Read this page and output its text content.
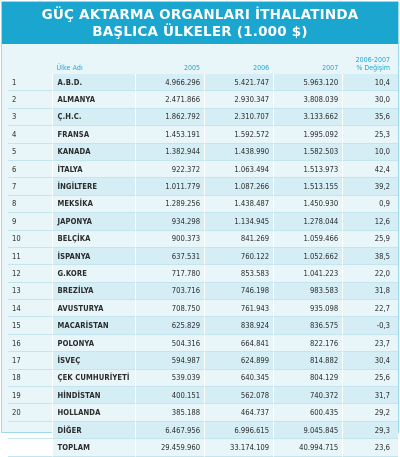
GÜÇ AKTARMA ORGANLARI İTHALATINDA
BAŞLICA ÜLKELER (1.000 $)
	Ülke Adı	2005	2006	2007	2006-2007
% Değişim

1	A.B.D.	4.966.296	5.421.747	5.963.120	10,4
2	ALMANYA	2.471.866	2.930.347	3.808.039	30,0
3	Ç.H.C.	1.862.792	2.310.707	3.133.662	35,6
4	FRANSA	1.453.191	1.592.572	1.995.092	25,3
5	KANADA	1.382.944	1.438.990	1.582.503	10,0
6	İTALYA	922.372	1.063.494	1.513.973	42,4
7	İNGİLTERE	1.011.779	1.087.266	1.513.155	39,2
8	MEKSİKA	1.289.256	1.438.487	1.450.930	0,9
9	JAPONYA	934.298	1.134.945	1.278.044	12,6
10	BELÇİKA	900.373	841.269	1.059.466	25,9
11	İSPANYA	637.531	760.122	1.052.662	38,5
12	G.KORE	717.780	853.583	1.041.223	22,0
13	BREZİLYA	703.716	746.198	983.583	31,8
14	AVUSTURYA	708.750	761.943	935.098	22,7
15	MACARİSTAN	625.829	838.924	836.575	-0,3
16	POLONYA	504.316	664.841	822.176	23,7
17	İSVEÇ	594.987	624.899	814.882	30,4
18	ÇEK CUMHURİYETİ	539.039	640.345	804.129	25,6
19	HİNDİSTAN	400.151	562.078	740.372	31,7
20	HOLLANDA	385.188	464.737	600.435	29,2
	DİĞER	6.467.956	6.996.615	9.045.845	29,3
	TOPLAM	29.459.960	33.174.109	40.994.715	23,6
